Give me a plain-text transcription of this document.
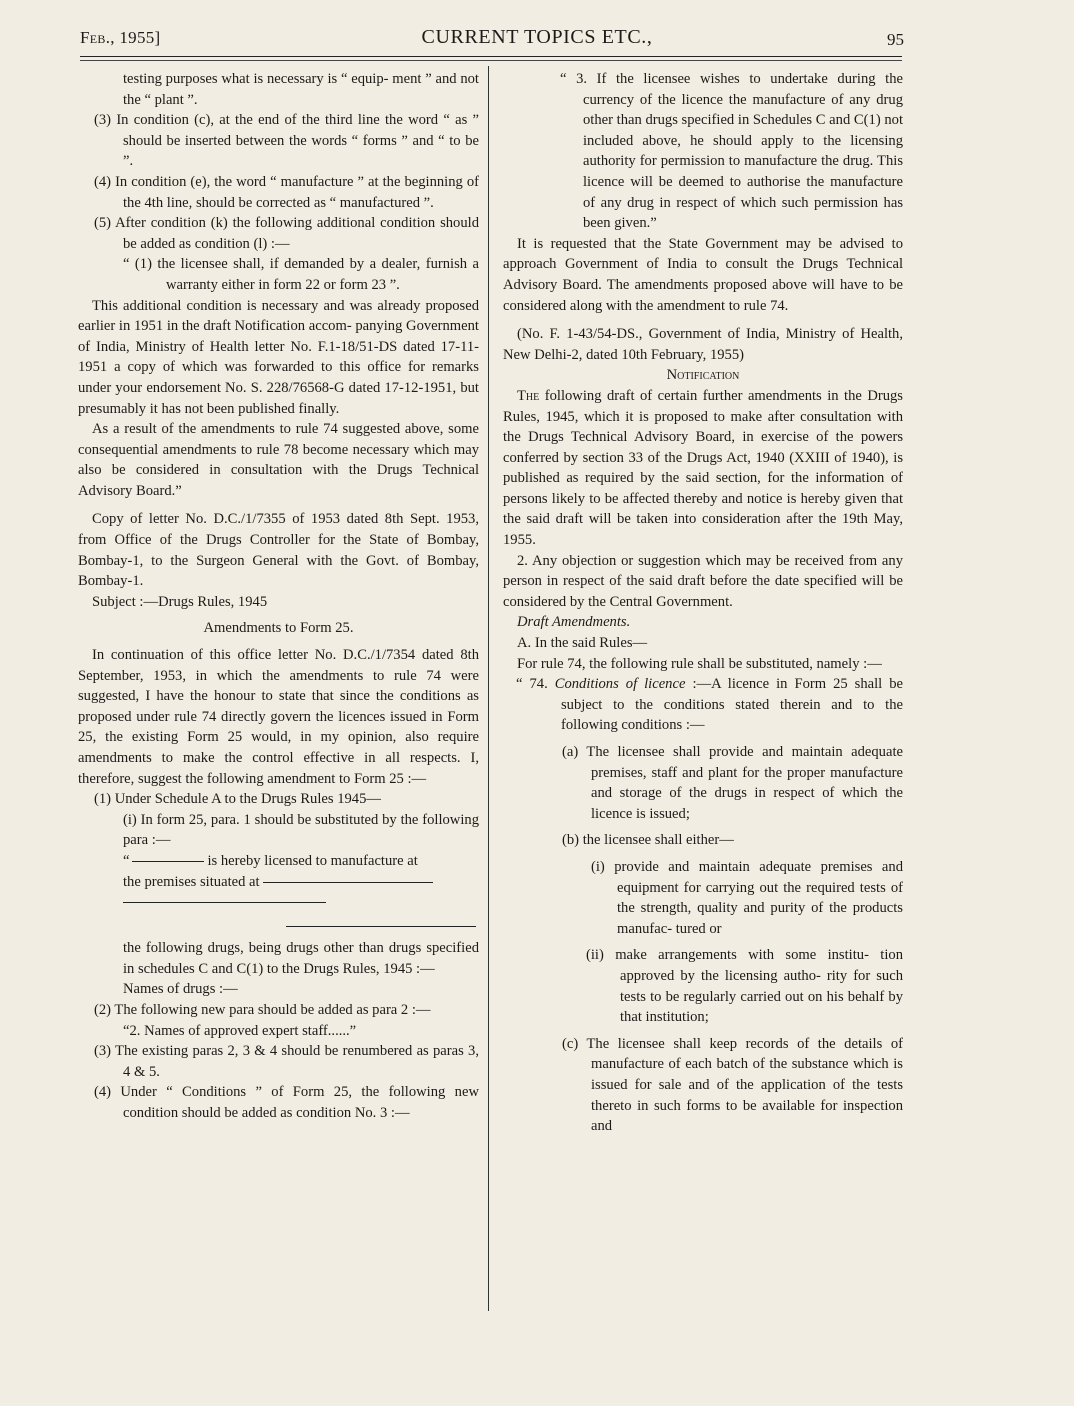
Feb., 1955]	CURRENT TOPICS ETC.,	95

testing purposes what is necessary is “ equip- ment ” and not the “ plant ”.

(3) In condition (c), at the end of the third line the word “ as ” should be inserted between the words “ forms ” and “ to be ”.

(4) In condition (e), the word “ manufacture ” at the beginning of the 4th line, should be corrected as “ manufactured ”.

(5) After condition (k) the following additional condition should be added as condition (l) :—

“ (1) the licensee shall, if demanded by a dealer, furnish a warranty either in form 22 or form 23 ”.

This additional condition is necessary and was already proposed earlier in 1951 in the draft Notification accom- panying Government of India, Ministry of Health letter No. F.1-18/51-DS dated 17-11-1951 a copy of which was forwarded to this office for remarks under your endorsement No. S. 228/76568-G dated 17-12-1951, but presumably it has not been published finally.

As a result of the amendments to rule 74 suggested above, some consequential amendments to rule 78 become necessary which may also be considered in consultation with the Drugs Technical Advisory Board.”

Copy of letter No. D.C./1/7355 of 1953 dated 8th Sept. 1953, from Office of the Drugs Controller for the State of Bombay, Bombay-1, to the Surgeon General with the Govt. of Bombay, Bombay-1.

Subject :—Drugs Rules, 1945

Amendments to Form 25.

In continuation of this office letter No. D.C./1/7354 dated 8th September, 1953, in which the amendments to rule 74 were suggested, I have the honour to state that since the conditions as proposed under rule 74 directly govern the licences issued in Form 25, the existing Form 25 would, in my opinion, also require amendments to make the control effective in all respects. I, therefore, suggest the following amendment to Form 25 :—

(1) Under Schedule A to the Drugs Rules 1945—

(i) In form 25, para. 1 should be substituted by the following para :—

“	is hereby licensed to manufacture at

the premises situated at

the following drugs, being drugs other than drugs specified in schedules C and C(1) to the Drugs Rules, 1945 :—

Names of drugs :—

(2) The following new para should be added as para 2 :—

“2. Names of approved expert staff......”

(3) The existing paras 2, 3 & 4 should be renumbered as paras 3, 4 & 5.

(4) Under “ Conditions ” of Form 25, the following new condition should be added as condition No. 3 :—

“ 3. If the licensee wishes to undertake during the currency of the licence the manufacture of any drug other than drugs specified in Schedules C and C(1) not included above, he should apply to the licensing authority for permission to manufacture the drug. This licence will be deemed to authorise the manufacture of any drug in respect of which such permission has been given.”

It is requested that the State Government may be advised to approach Government of India to consult the Drugs Technical Advisory Board. The amendments proposed above will have to be considered along with the amendment to rule 74.

(No. F. 1-43/54-DS., Government of India, Ministry of Health, New Delhi-2, dated 10th February, 1955)

Notification

The following draft of certain further amendments in the Drugs Rules, 1945, which it is proposed to make after consultation with the Drugs Technical Advisory Board, in exercise of the powers conferred by section 33 of the Drugs Act, 1940 (XXIII of 1940), is published as required by the said section, for the information of persons likely to be affected thereby and notice is hereby given that the said draft will be taken into consideration after the 19th May, 1955.

2. Any objection or suggestion which may be received from any person in respect of the said draft before the date specified will be considered by the Central Government.

Draft Amendments.

A. In the said Rules—

For rule 74, the following rule shall be substituted, namely :—

“ 74. Conditions of licence :—A licence in Form 25 shall be subject to the conditions stated therein and to the following conditions :—

(a) The licensee shall provide and maintain adequate premises, staff and plant for the proper manufacture and storage of the drugs in respect of which the licence is issued;

(b) the licensee shall either—

(i) provide and maintain adequate premises and equipment for carrying out the required tests of the strength, quality and purity of the products manufac- tured or

(ii) make arrangements with some institu- tion approved by the licensing autho- rity for such tests to be regularly carried out on his behalf by that institution;

(c) The licensee shall keep records of the details of manufacture of each batch of the substance which is issued for sale and of the application of the tests thereto in such forms to be available for inspection and
